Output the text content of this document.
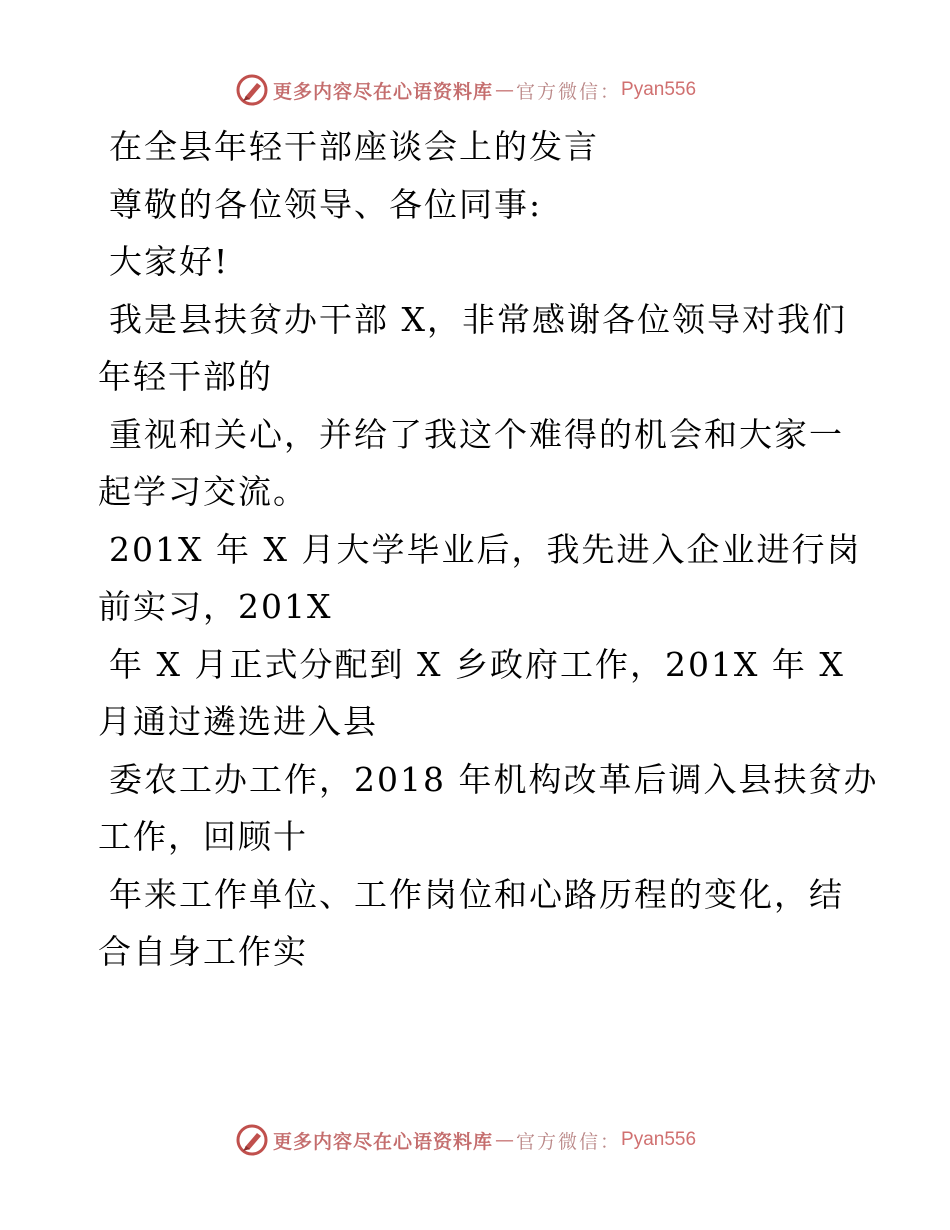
更多内容尽在心语资料库 — 官方微信： Pyan556
在全县年轻干部座谈会上的发言
尊敬的各位领导、各位同事:
大家好!
我是县扶贫办干部 X，非常感谢各位领导对我们
年轻干部的
重视和关心，并给了我这个难得的机会和大家一
起学习交流。
201X 年 X 月大学毕业后，我先进入企业进行岗
前实习，201X
年 X 月正式分配到 X 乡政府工作，201X 年 X
月通过遴选进入县
委农工办工作，2018 年机构改革后调入县扶贫办
工作，回顾十
年来工作单位、工作岗位和心路历程的变化，结
合自身工作实
更多内容尽在心语资料库 — 官方微信： Pyan556
